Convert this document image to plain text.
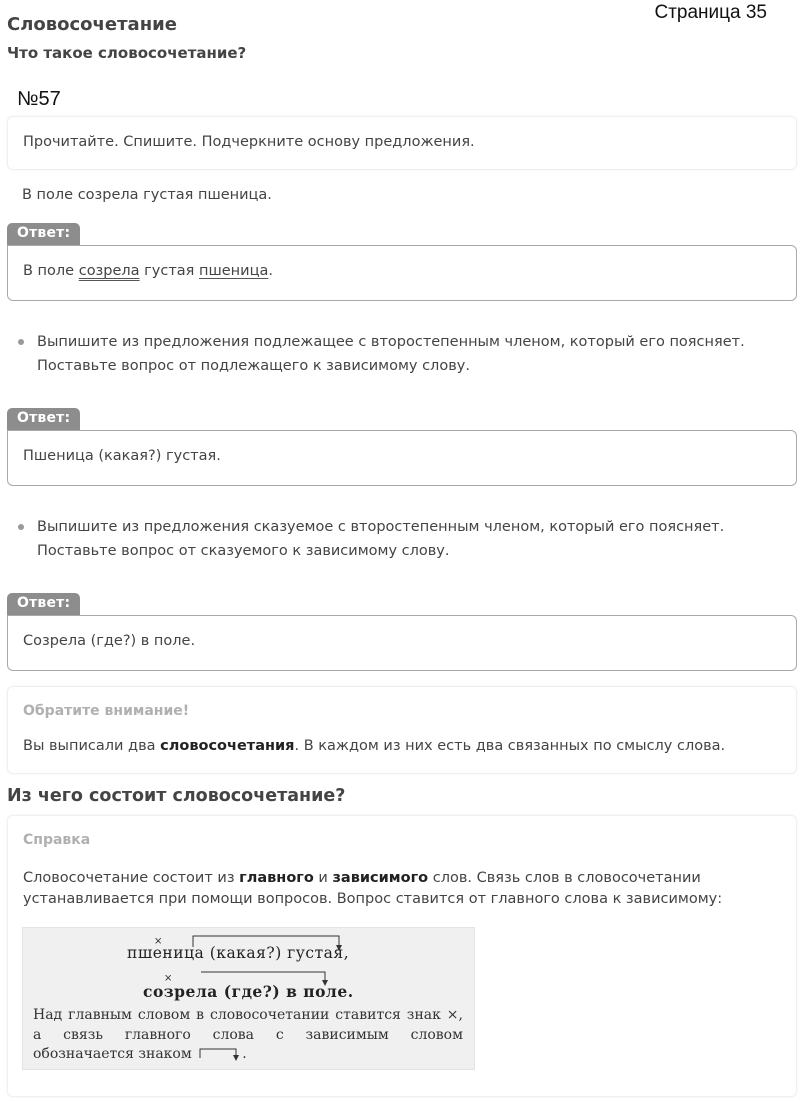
Страница 35
Словосочетание
Что такое словосочетание?
№57
Прочитайте. Спишите. Подчеркните основу предложения.
В поле созрела густая пшеница.
Ответ:
В поле созрела густая пшеница.
Выпишите из предложения подлежащее с второстепенным членом, который его поясняет.
Поставьте вопрос от подлежащего к зависимому слову.
Ответ:
Пшеница (какая?) густая.
Выпишите из предложения сказуемое с второстепенным членом, который его поясняет.
Поставьте вопрос от сказуемого к зависимому слову.
Ответ:
Созрела (где?) в поле.
Обратите внимание!
Вы выписали два словосочетания. В каждом из них есть два связанных по смыслу слова.
Из чего состоит словосочетание?
Справка
Словосочетание состоит из главного и зависимого слов. Связь слов в словосочетании
устанавливается при помощи вопросов. Вопрос ставится от главного слова к зависимому:
×
пшеница (какая?) густая,
×
созрела (где?) в поле.
Над главным словом в словосочетании ставится знак ×, а связь главного слова с зависимым словом обозначается знаком	.
